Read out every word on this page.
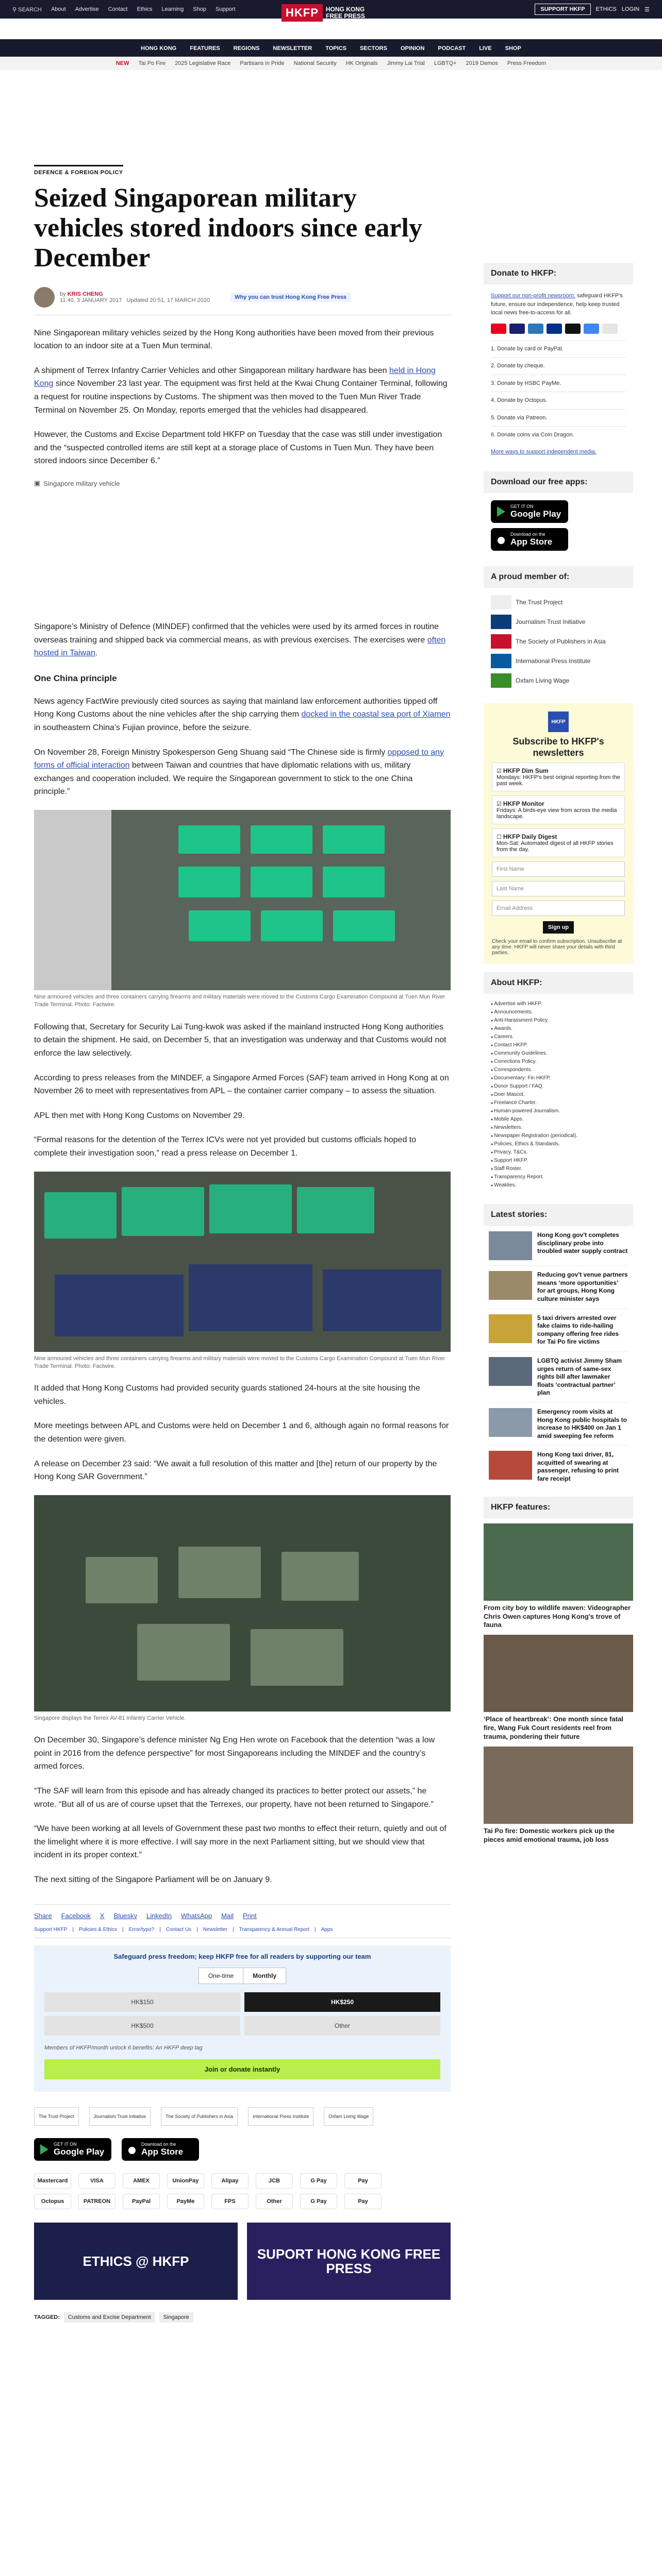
⚲ SEARCH About Advertise Contact Ethics Learning Shop Support	HKFP	HONG KONG
FREE PRESS
SUPPORT HKFP	ETHICS LOGIN ☰
HONG KONG FEATURES REGIONS NEWSLETTER TOPICS SECTORS OPINION PODCAST LIVE SHOP
NEW Tai Po Fire 2025 Legislative Race Partisans in Pride National Security HK Originals Jimmy Lai Trial LGBTQ+ 2019 Demos Press Freedom
DEFENCE & FOREIGN POLICY
Seized Singaporean military vehicles stored indoors since early December
by KRIS CHENG
11:40, 3 JANUARY 2017 Updated 20:51, 17 MARCH 2020	Why you can trust Hong Kong Free Press

Nine Singaporean military vehicles seized by the Hong Kong authorities have been moved from their previous location to an indoor site at a Tuen Mun terminal.

A shipment of Terrex Infantry Carrier Vehicles and other Singaporean military hardware has been held in Hong Kong since November 23 last year. The equipment was first held at the Kwai Chung Container Terminal, following a request for routine inspections by Customs. The shipment was then moved to the Tuen Mun River Trade Terminal on November 25. On Monday, reports emerged that the vehicles had disappeared.

However, the Customs and Excise Department told HKFP on Tuesday that the case was still under investigation and the “suspected controlled items are still kept at a storage place of Customs in Tuen Mun. They have been stored indoors since December 6.”

▣ Singapore military vehicle

Singapore’s Ministry of Defence (MINDEF) confirmed that the vehicles were used by its armed forces in routine overseas training and shipped back via commercial means, as with previous exercises. The exercises were often hosted in Taiwan.

One China principle

News agency FactWire previously cited sources as saying that mainland law enforcement authorities tipped off Hong Kong Customs about the nine vehicles after the ship carrying them docked in the coastal sea port of Xiamen in southeastern China’s Fujian province, before the seizure.

On November 28, Foreign Ministry Spokesperson Geng Shuang said “The Chinese side is firmly opposed to any forms of official interaction between Taiwan and countries that have diplomatic relations with us, military exchanges and cooperation included. We require the Singaporean government to stick to the one China principle.”

Nine armoured vehicles and three containers carrying firearms and military materials were moved to the Customs Cargo Examination Compound at Tuen Mun River Trade Terminal. Photo: Factwire.

Following that, Secretary for Security Lai Tung-kwok was asked if the mainland instructed Hong Kong authorities to detain the shipment. He said, on December 5, that an investigation was underway and that Customs would not enforce the law selectively.

According to press releases from the MINDEF, a Singapore Armed Forces (SAF) team arrived in Hong Kong at on November 26 to meet with representatives from APL – the container carrier company – to assess the situation.

APL then met with Hong Kong Customs on November 29.

“Formal reasons for the detention of the Terrex ICVs were not yet provided but customs officials hoped to complete their investigation soon,” read a press release on December 1.

Nine armoured vehicles and three containers carrying firearms and military materials were moved to the Customs Cargo Examination Compound at Tuen Mun River Trade Terminal. Photo: Factwire.

It added that Hong Kong Customs had provided security guards stationed 24-hours at the site housing the vehicles.

More meetings between APL and Customs were held on December 1 and 6, although again no formal reasons for the detention were given.

A release on December 23 said: “We await a full resolution of this matter and [the] return of our property by the Hong Kong SAR Government.”

Singapore displays the Terrex AV-81 Infantry Carrier Vehicle.

On December 30, Singapore’s defence minister Ng Eng Hen wrote on Facebook that the detention “was a low point in 2016 from the defence perspective” for most Singaporeans including the MINDEF and the country’s armed forces.

“The SAF will learn from this episode and has already changed its practices to better protect our assets,” he wrote. “But all of us are of course upset that the Terrexes, our property, have not been returned to Singapore.”

“We have been working at all levels of Government these past two months to effect their return, quietly and out of the limelight where it is more effective. I will say more in the next Parliament sitting, but we should view that incident in its proper context.”

The next sitting of the Singapore Parliament will be on January 9.

Share Facebook X Bluesky LinkedIn WhatsApp Mail Print
Support HKFP | Policies & Ethics | Error/typo? | Contact Us | Newsletter | Transparency & Annual Report | Apps
Safeguard press freedom; keep HKFP free for all readers by supporting our team
One-time	Monthly
HK$150	HK$250
HK$500	Other
Members of HKFP/month unlock 6 benefits: An HKFP deep tag
Join or donate instantly
The Trust Project	Journalism Trust Initiative	The Society of Publishers in Asia	International Press Institute	Oxfam Living Wage
GET IT ON
Google Play
Download on the
App Store
Mastercard	VISA	AMEX	UnionPay	Alipay	JCB	G Pay	Pay
Octopus	PATREON	PayPal	PayMe	FPS	Other	G Pay	Pay
ETHICS @ HKFP	SUPORT HONG KONG FREE PRESS
TAGGED:	Customs and Excise Department	Singapore
Donate to HKFP:
Support our non-profit newsroom: safeguard HKFP's future, ensure our independence, help keep trusted local news free-to-access for all.
1. Donate by card or PayPal.
2. Donate by cheque.
3. Donate by HSBC PayMe.
4. Donate by Octopus.
5. Donate via Patreon.
6. Donate coins via Coin Dragon.
More ways to support independent media.
Download our free apps:
GET IT ON
Google Play
Download on the
App Store
A proud member of:
The Trust Project
Journalism Trust Initiative
The Society of Publishers in Asia
International Press Institute
Oxfam Living Wage
HKFP
Subscribe to HKFP's newsletters
☑ HKFP Dim Sum
Mondays: HKFP's best original reporting from the past week.
☑ HKFP Monitor
Fridays: A birds-eye view from across the media landscape.
☐ HKFP Daily Digest
Mon-Sat: Automated digest of all HKFP stories from the day.
First Name
Last Name
Email Address
Sign up
Check your email to confirm subscription. Unsubscribe at any time. HKFP will never share your details with third parties.
About HKFP:
● Advertise with HKFP.
● Announcements.
● Anti-Harassment Policy.
● Awards.
● Careers.
● Contact HKFP.
● Community Guidelines.
● Corrections Policy.
● Correspondents.
● Documentary: Fin HKFP.
● Donor Support / FAQ.
● Doer Mascot.
● Freelance Charter.
● Human-powered Journalism.
● Mobile Apps.
● Newsletters.
● Newspaper Registration (periodical).
● Policies, Ethics & Standards.
● Privacy, T&Cs.
● Support HKFP.
● Staff Roster.
● Transparency Report.
● Weaklies.
Latest stories:
Hong Kong gov't completes disciplinary probe into troubled water supply contract
Reducing gov't venue partners means ‘more opportunities’ for art groups, Hong Kong culture minister says
5 taxi drivers arrested over fake claims to ride-hailing company offering free rides for Tai Po fire victims
LGBTQ activist Jimmy Sham urges return of same-sex rights bill after lawmaker floats ‘contractual partner’ plan
Emergency room visits at Hong Kong public hospitals to increase to HK$400 on Jan 1 amid sweeping fee reform
Hong Kong taxi driver, 81, acquitted of swearing at passenger, refusing to print fare receipt
HKFP features:
From city boy to wildlife maven: Videographer Chris Owen captures Hong Kong's trove of fauna
‘Place of heartbreak’: One month since fatal fire, Wang Fuk Court residents reel from trauma, pondering their future
Tai Po fire: Domestic workers pick up the pieces amid emotional trauma, job loss
